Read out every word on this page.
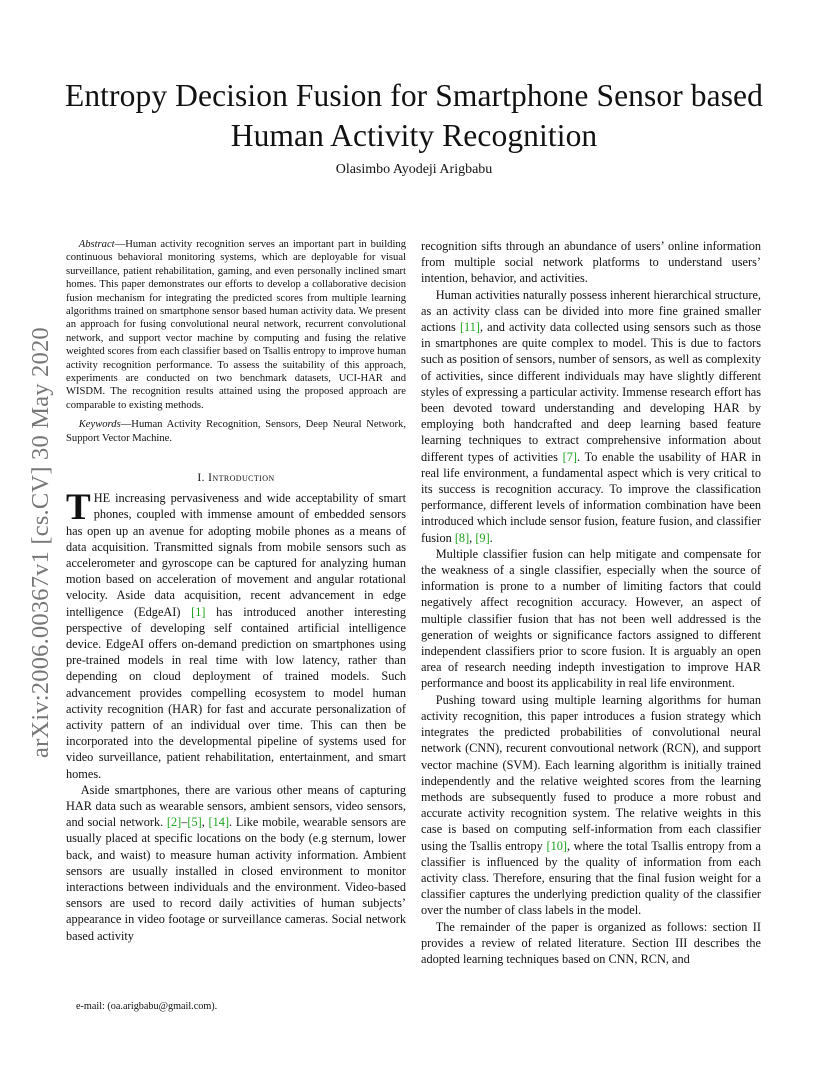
Entropy Decision Fusion for Smartphone Sensor based Human Activity Recognition
Olasimbo Ayodeji Arigbabu
arXiv:2006.00367v1 [cs.CV] 30 May 2020

Abstract—Human activity recognition serves an important part in building continuous behavioral monitoring systems, which are deployable for visual surveillance, patient rehabilitation, gaming, and even personally inclined smart homes. This paper demonstrates our efforts to develop a collaborative decision fusion mechanism for integrating the predicted scores from multiple learning algorithms trained on smartphone sensor based human activity data. We present an approach for fusing convolutional neural network, recurrent convolutional network, and support vector machine by computing and fusing the relative weighted scores from each classifier based on Tsallis entropy to improve human activity recognition performance. To assess the suitability of this approach, experiments are conducted on two benchmark datasets, UCI-HAR and WISDM. The recognition results attained using the proposed approach are comparable to existing methods.

Keywords—Human Activity Recognition, Sensors, Deep Neural Network, Support Vector Machine.

I. Introduction

THE increasing pervasiveness and wide acceptability of smart phones, coupled with immense amount of embedded sensors has open up an avenue for adopting mobile phones as a means of data acquisition. Transmitted signals from mobile sensors such as accelerometer and gyroscope can be captured for analyzing human motion based on acceleration of movement and angular rotational velocity. Aside data acquisition, recent advancement in edge intelligence (EdgeAI) [1] has introduced another interesting perspective of developing self contained artificial intelligence device. EdgeAI offers on-demand prediction on smartphones using pre-trained models in real time with low latency, rather than depending on cloud deployment of trained models. Such advancement provides compelling ecosystem to model human activity recognition (HAR) for fast and accurate personalization of activity pattern of an individual over time. This can then be incorporated into the developmental pipeline of systems used for video surveillance, patient rehabilitation, entertainment, and smart homes.

Aside smartphones, there are various other means of capturing HAR data such as wearable sensors, ambient sensors, video sensors, and social network. [2]–[5], [14]. Like mobile, wearable sensors are usually placed at specific locations on the body (e.g sternum, lower back, and waist) to measure human activity information. Ambient sensors are usually installed in closed environment to monitor interactions between individuals and the environment. Video-based sensors are used to record daily activities of human subjects’ appearance in video footage or surveillance cameras. Social network based activity

recognition sifts through an abundance of users’ online information from multiple social network platforms to understand users’ intention, behavior, and activities.

Human activities naturally possess inherent hierarchical structure, as an activity class can be divided into more fine grained smaller actions [11], and activity data collected using sensors such as those in smartphones are quite complex to model. This is due to factors such as position of sensors, number of sensors, as well as complexity of activities, since different individuals may have slightly different styles of expressing a particular activity. Immense research effort has been devoted toward understanding and developing HAR by employing both handcrafted and deep learning based feature learning techniques to extract comprehensive information about different types of activities [7]. To enable the usability of HAR in real life environment, a fundamental aspect which is very critical to its success is recognition accuracy. To improve the classification performance, different levels of information combination have been introduced which include sensor fusion, feature fusion, and classifier fusion [8], [9].

Multiple classifier fusion can help mitigate and compensate for the weakness of a single classifier, especially when the source of information is prone to a number of limiting factors that could negatively affect recognition accuracy. However, an aspect of multiple classifier fusion that has not been well addressed is the generation of weights or significance factors assigned to different independent classifiers prior to score fusion. It is arguably an open area of research needing indepth investigation to improve HAR performance and boost its applicability in real life environment.

Pushing toward using multiple learning algorithms for human activity recognition, this paper introduces a fusion strategy which integrates the predicted probabilities of convolutional neural network (CNN), recurent convoutional network (RCN), and support vector machine (SVM). Each learning algorithm is initially trained independently and the relative weighted scores from the learning methods are subsequently fused to produce a more robust and accurate activity recognition system. The relative weights in this case is based on computing self-information from each classifier using the Tsallis entropy [10], where the total Tsallis entropy from a classifier is influenced by the quality of information from each activity class. Therefore, ensuring that the final fusion weight for a classifier captures the underlying prediction quality of the classifier over the number of class labels in the model.

The remainder of the paper is organized as follows: section II provides a review of related literature. Section III describes the adopted learning techniques based on CNN, RCN, and

e-mail: (oa.arigbabu@gmail.com).
